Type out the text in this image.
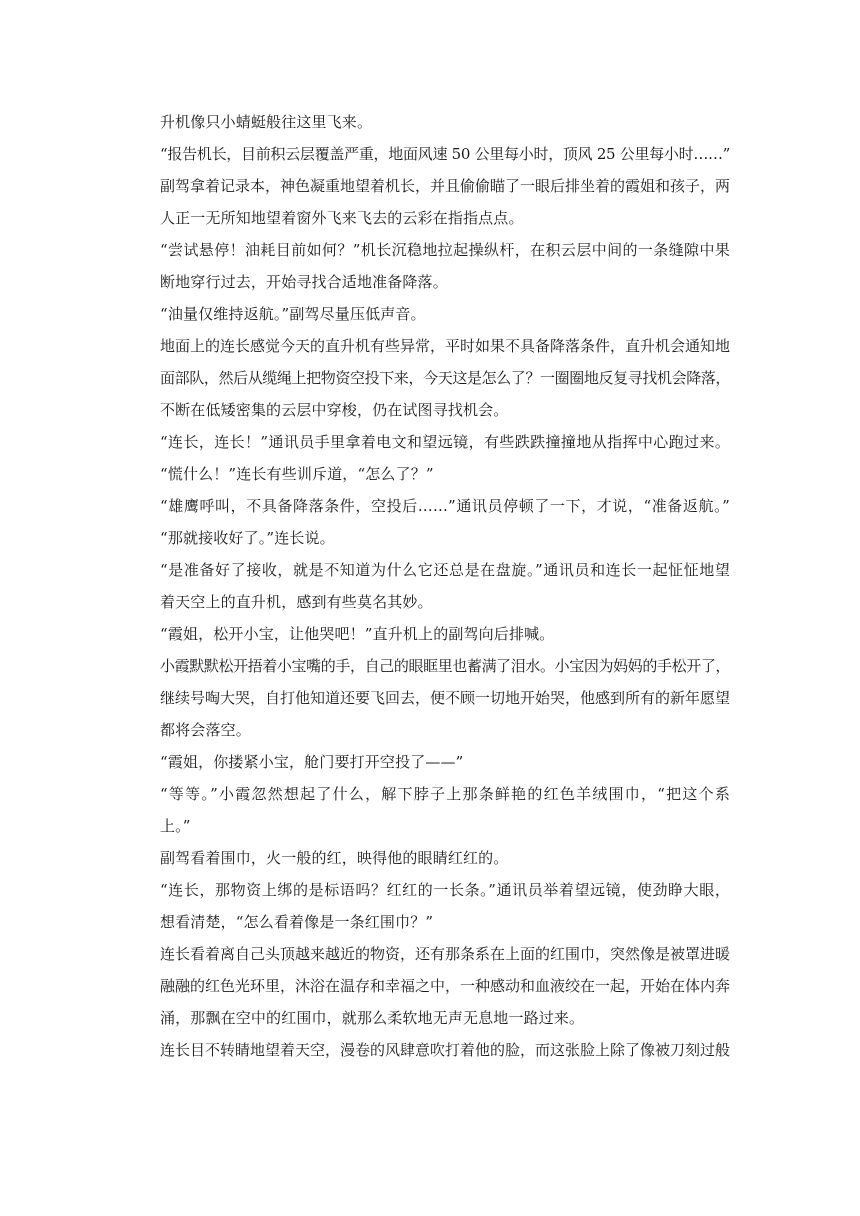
升机像只小蜻蜓般往这里飞来。
“报告机长，目前积云层覆盖严重，地面风速 50 公里每小时，顶风 25 公里每小时……”
副驾拿着记录本，神色凝重地望着机长，并且偷偷瞄了一眼后排坐着的霞姐和孩子，两
人正一无所知地望着窗外飞来飞去的云彩在指指点点。
“尝试悬停！油耗目前如何？”机长沉稳地拉起操纵杆，在积云层中间的一条缝隙中果
断地穿行过去，开始寻找合适地准备降落。
“油量仅维持返航。”副驾尽量压低声音。
地面上的连长感觉今天的直升机有些异常，平时如果不具备降落条件，直升机会通知地
面部队，然后从缆绳上把物资空投下来，今天这是怎么了？一圈圈地反复寻找机会降落，
不断在低矮密集的云层中穿梭，仍在试图寻找机会。
“连长，连长！”通讯员手里拿着电文和望远镜，有些跌跌撞撞地从指挥中心跑过来。
“慌什么！”连长有些训斥道，“怎么了？”
“雄鹰呼叫，不具备降落条件，空投后……”通讯员停顿了一下，才说，“准备返航。”
“那就接收好了。”连长说。
“是准备好了接收，就是不知道为什么它还总是在盘旋。”通讯员和连长一起怔怔地望
着天空上的直升机，感到有些莫名其妙。
“霞姐，松开小宝，让他哭吧！”直升机上的副驾向后排喊。
小霞默默松开捂着小宝嘴的手，自己的眼眶里也蓄满了泪水。小宝因为妈妈的手松开了，
继续号啕大哭，自打他知道还要飞回去，便不顾一切地开始哭，他感到所有的新年愿望
都将会落空。
“霞姐，你搂紧小宝，舱门要打开空投了——”
“等等。”小霞忽然想起了什么，解下脖子上那条鲜艳的红色羊绒围巾，“把这个系
上。”
副驾看着围巾，火一般的红，映得他的眼睛红红的。
“连长，那物资上绑的是标语吗？红红的一长条。”通讯员举着望远镜，使劲睁大眼，
想看清楚，“怎么看着像是一条红围巾？”
连长看着离自己头顶越来越近的物资，还有那条系在上面的红围巾，突然像是被罩进暖
融融的红色光环里，沐浴在温存和幸福之中，一种感动和血液绞在一起，开始在体内奔
涌，那飘在空中的红围巾，就那么柔软地无声无息地一路过来。
连长目不转睛地望着天空，漫卷的风肆意吹打着他的脸，而这张脸上除了像被刀刻过般
